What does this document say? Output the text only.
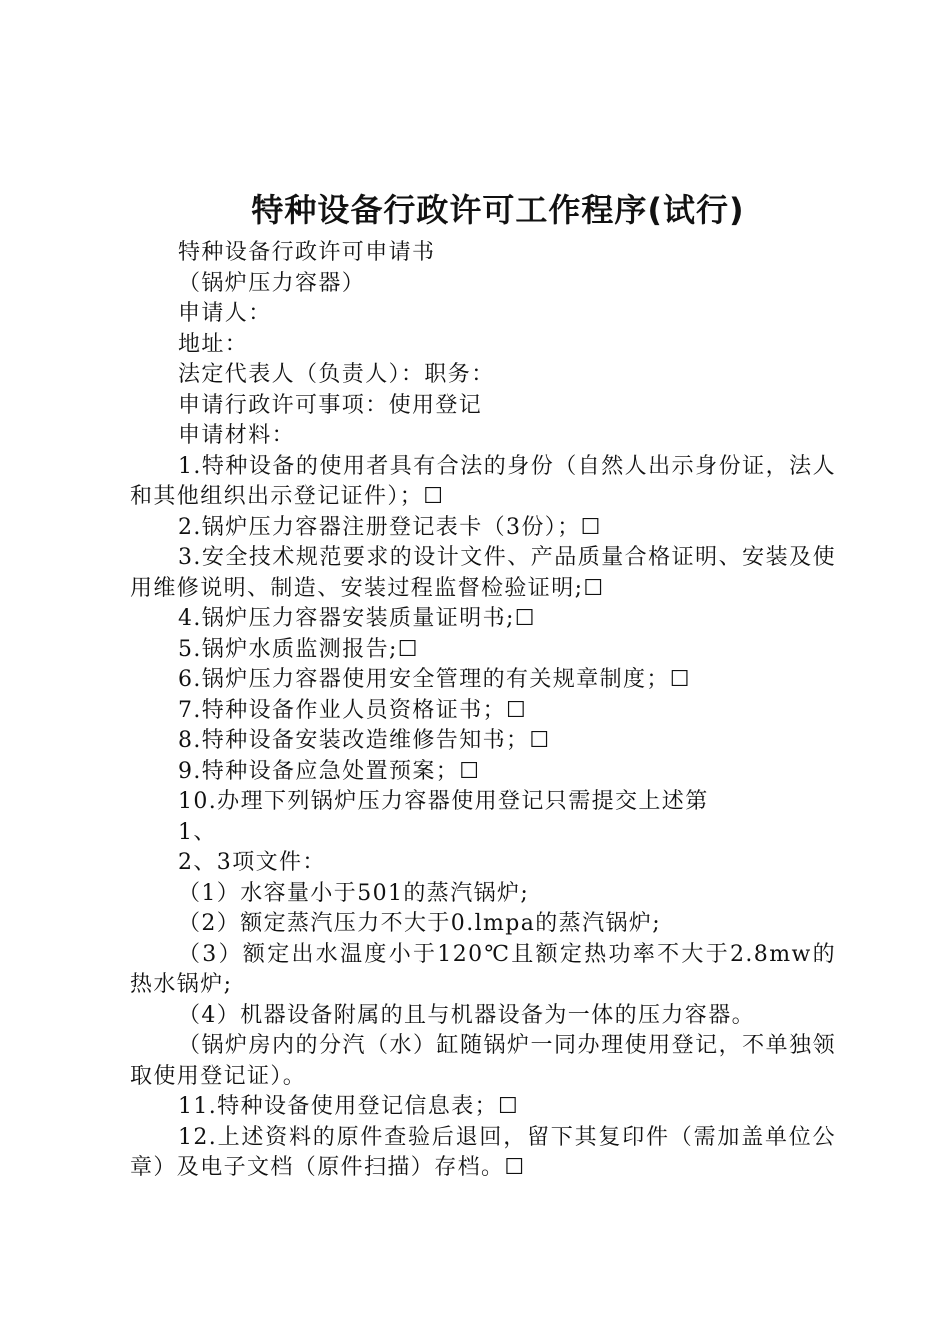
特种设备行政许可工作程序(试行)

特种设备行政许可申请书

（锅炉压力容器）

申请人：

地址：

法定代表人（负责人）：职务：

申请行政许可事项：使用登记

申请材料：

1.特种设备的使用者具有合法的身份（自然人出示身份证，法人和其他组织出示登记证件）；☐

2.锅炉压力容器注册登记表卡（3份）；☐

3.安全技术规范要求的设计文件、产品质量合格证明、安装及使用维修说明、制造、安装过程监督检验证明;☐

4.锅炉压力容器安装质量证明书;☐

5.锅炉水质监测报告;☐

6.锅炉压力容器使用安全管理的有关规章制度；☐

7.特种设备作业人员资格证书；☐

8.特种设备安装改造维修告知书；☐

9.特种设备应急处置预案；☐

10.办理下列锅炉压力容器使用登记只需提交上述第

1、

2、3项文件：

（1）水容量小于501的蒸汽锅炉;

（2）额定蒸汽压力不大于0.lmpa的蒸汽锅炉;

（3）额定出水温度小于120℃且额定热功率不大于2.8mw的热水锅炉;

（4）机器设备附属的且与机器设备为一体的压力容器。

（锅炉房内的分汽（水）缸随锅炉一同办理使用登记，不单独领取使用登记证）。

11.特种设备使用登记信息表；☐

12.上述资料的原件查验后退回，留下其复印件（需加盖单位公章）及电子文档（原件扫描）存档。☐
